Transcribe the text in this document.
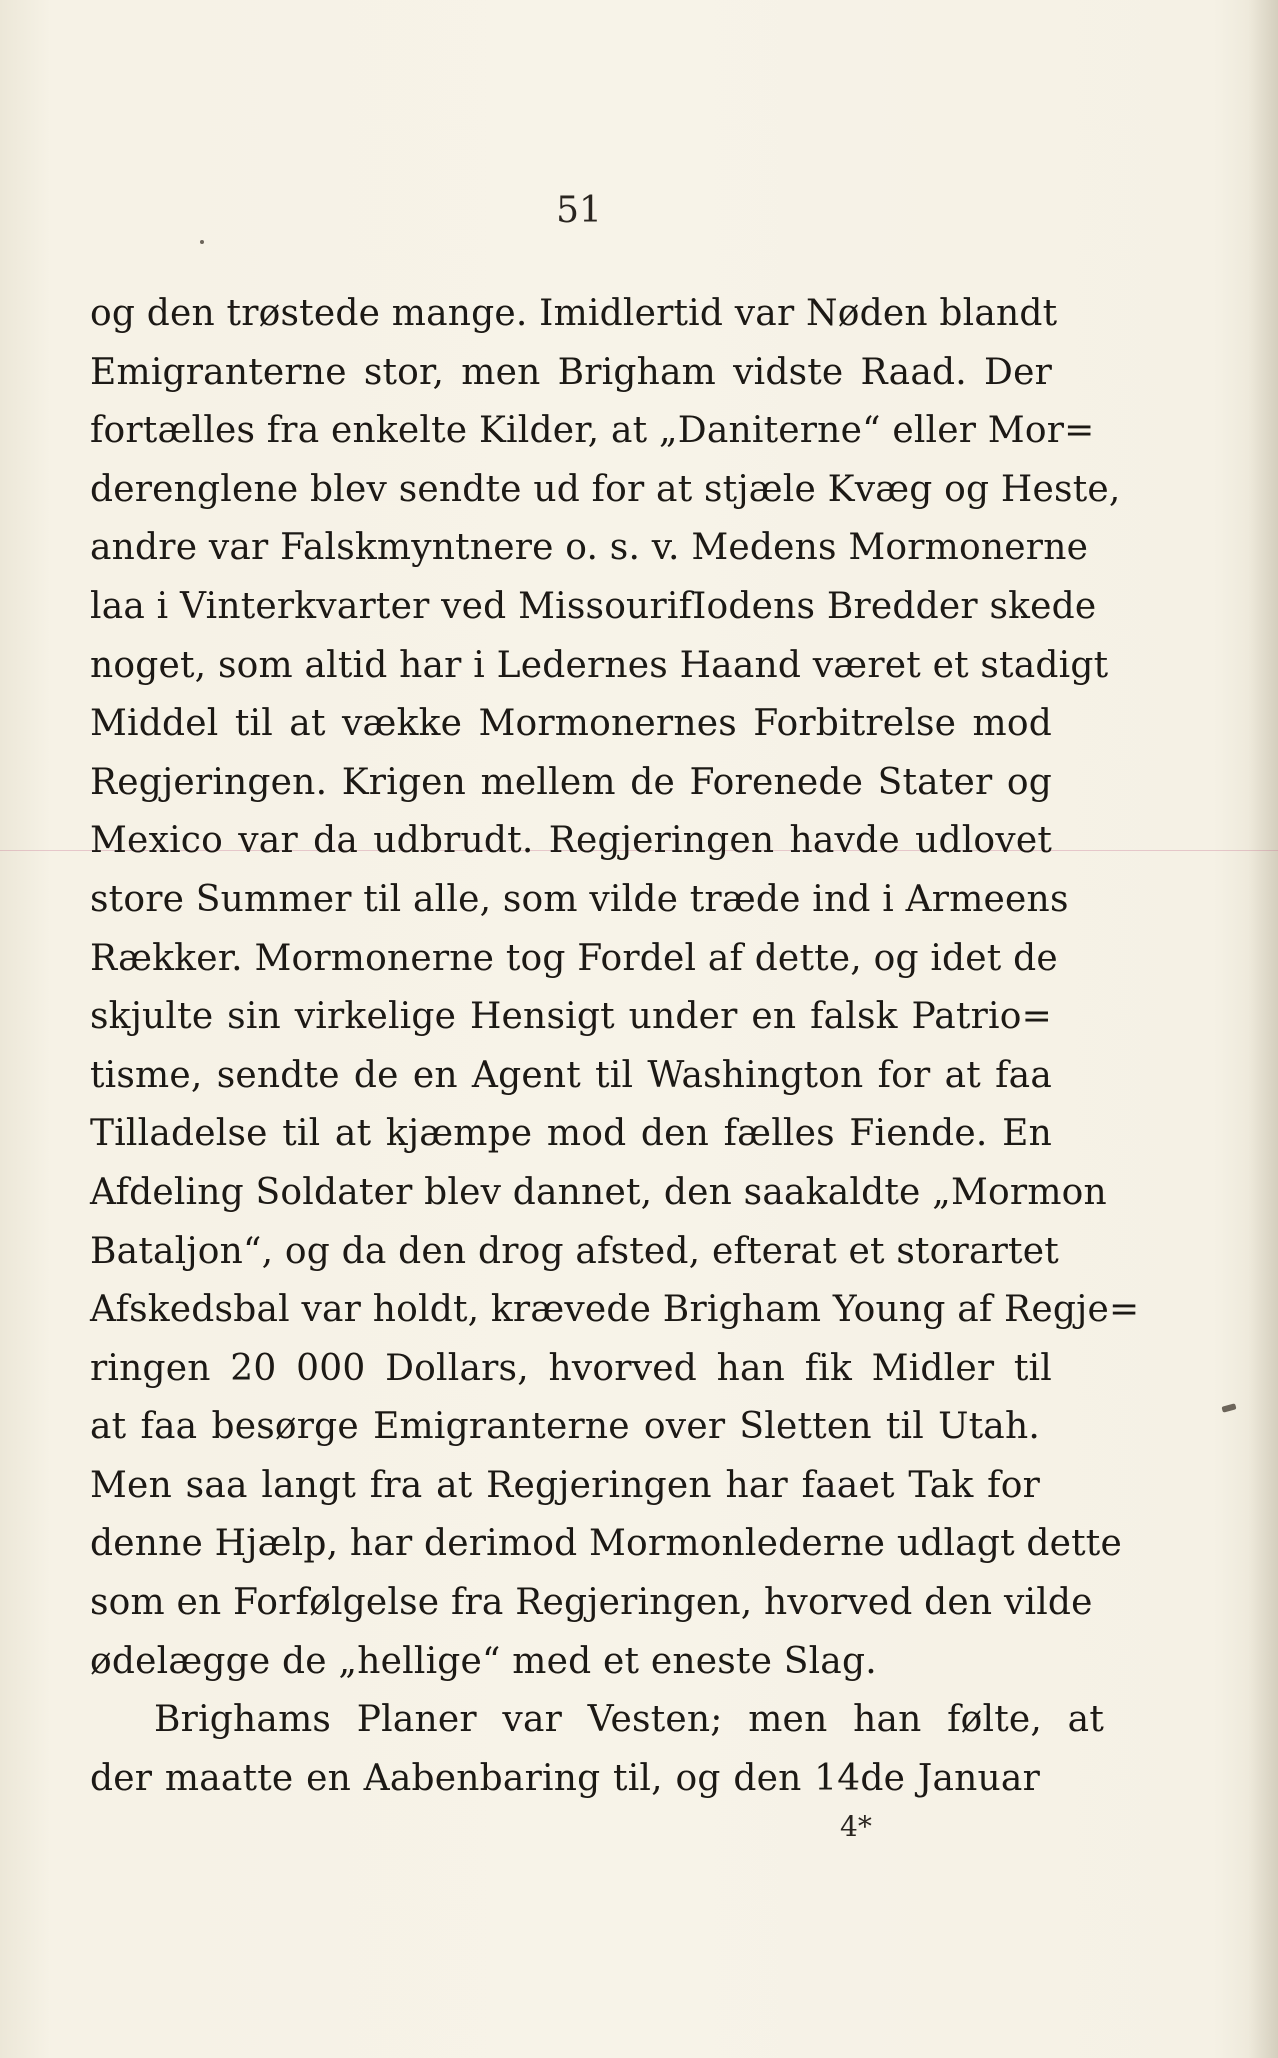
51
og den trøstede mange. Imidlertid var Nøden blandt
Emigranterne stor, men Brigham vidste Raad. Der
fortælles fra enkelte Kilder, at „Daniterne“ eller Mor=
derenglene blev sendte ud for at stjæle Kvæg og Heste,
andre var Falskmyntnere o. s. v. Medens Mormonerne
laa i Vinterkvarter ved MissourifIodens Bredder skede
noget, som altid har i Ledernes Haand været et stadigt
Middel til at vække Mormonernes Forbitrelse mod
Regjeringen. Krigen mellem de Forenede Stater og
Mexico var da udbrudt. Regjeringen havde udlovet
store Summer til alle, som vilde træde ind i Armeens
Rækker. Mormonerne tog Fordel af dette, og idet de
skjulte sin virkelige Hensigt under en falsk Patrio=
tisme, sendte de en Agent til Washington for at faa
Tilladelse til at kjæmpe mod den fælles Fiende. En
Afdeling Soldater blev dannet, den saakaldte „Mormon
Bataljon“, og da den drog afsted, efterat et storartet
Afskedsbal var holdt, krævede Brigham Young af Regje=
ringen 20 000 Dollars, hvorved han fik Midler til
at faa besørge Emigranterne over Sletten til Utah.
Men saa langt fra at Regjeringen har faaet Tak for
denne Hjælp, har derimod Mormonlederne udlagt dette
som en Forfølgelse fra Regjeringen, hvorved den vilde
ødelægge de „hellige“ med et eneste Slag.
Brighams Planer var Vesten; men han følte, at
der maatte en Aabenbaring til, og den 14de Januar
4*
